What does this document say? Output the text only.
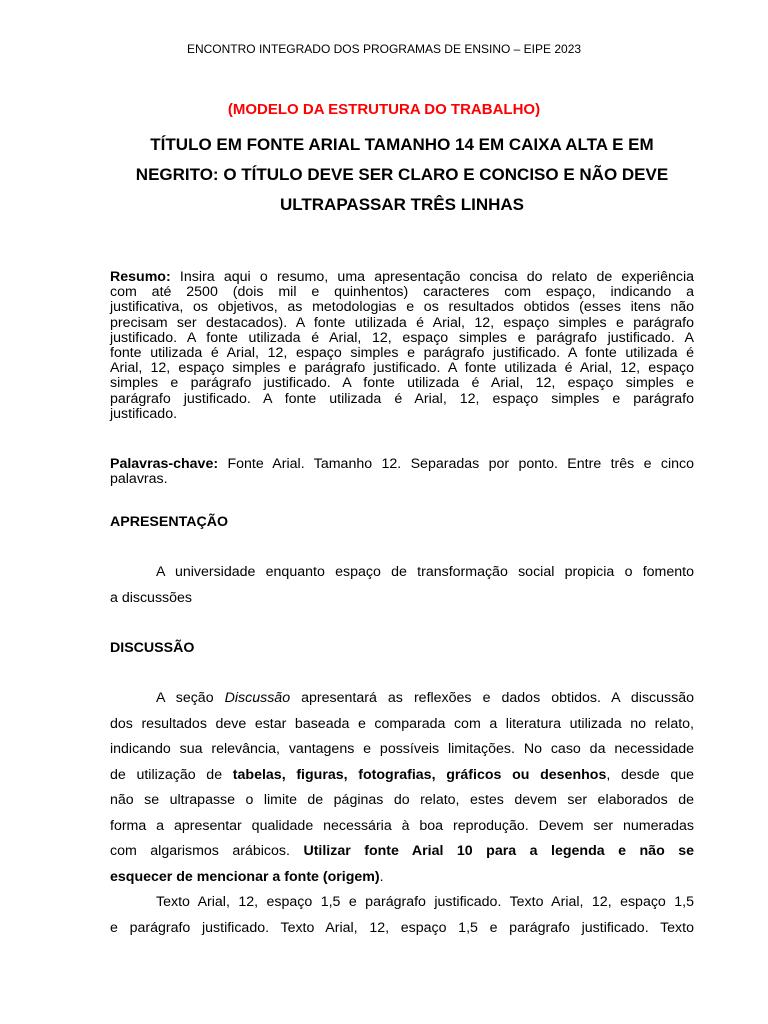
ENCONTRO INTEGRADO DOS PROGRAMAS DE ENSINO – EIPE 2023
(MODELO DA ESTRUTURA DO TRABALHO)
TÍTULO EM FONTE ARIAL TAMANHO 14 EM CAIXA ALTA E EM
NEGRITO: O TÍTULO DEVE SER CLARO E CONCISO E NÃO DEVE
ULTRAPASSAR TRÊS LINHAS
Resumo: Insira aqui o resumo, uma apresentação concisa do relato de experiência
com até 2500 (dois mil e quinhentos) caracteres com espaço, indicando a
justificativa, os objetivos, as metodologias e os resultados obtidos (esses itens não
precisam ser destacados). A fonte utilizada é Arial, 12, espaço simples e parágrafo
justificado. A fonte utilizada é Arial, 12, espaço simples e parágrafo justificado. A
fonte utilizada é Arial, 12, espaço simples e parágrafo justificado. A fonte utilizada é
Arial, 12, espaço simples e parágrafo justificado. A fonte utilizada é Arial, 12, espaço
simples e parágrafo justificado. A fonte utilizada é Arial, 12, espaço simples e
parágrafo justificado. A fonte utilizada é Arial, 12, espaço simples e parágrafo
justificado.
Palavras-chave: Fonte Arial. Tamanho 12. Separadas por ponto. Entre três e cinco
palavras.
APRESENTAÇÃO
A universidade enquanto espaço de transformação social propicia o fomento
a discussões
DISCUSSÃO
A seção Discussão apresentará as reflexões e dados obtidos. A discussão
dos resultados deve estar baseada e comparada com a literatura utilizada no relato,
indicando sua relevância, vantagens e possíveis limitações. No caso da necessidade
de utilização de tabelas, figuras, fotografias, gráficos ou desenhos, desde que
não se ultrapasse o limite de páginas do relato, estes devem ser elaborados de
forma a apresentar qualidade necessária à boa reprodução. Devem ser numeradas
com algarismos arábicos. Utilizar fonte Arial 10 para a legenda e não se
esquecer de mencionar a fonte (origem).
Texto Arial, 12, espaço 1,5 e parágrafo justificado. Texto Arial, 12, espaço 1,5
e parágrafo justificado. Texto Arial, 12, espaço 1,5 e parágrafo justificado. Texto
